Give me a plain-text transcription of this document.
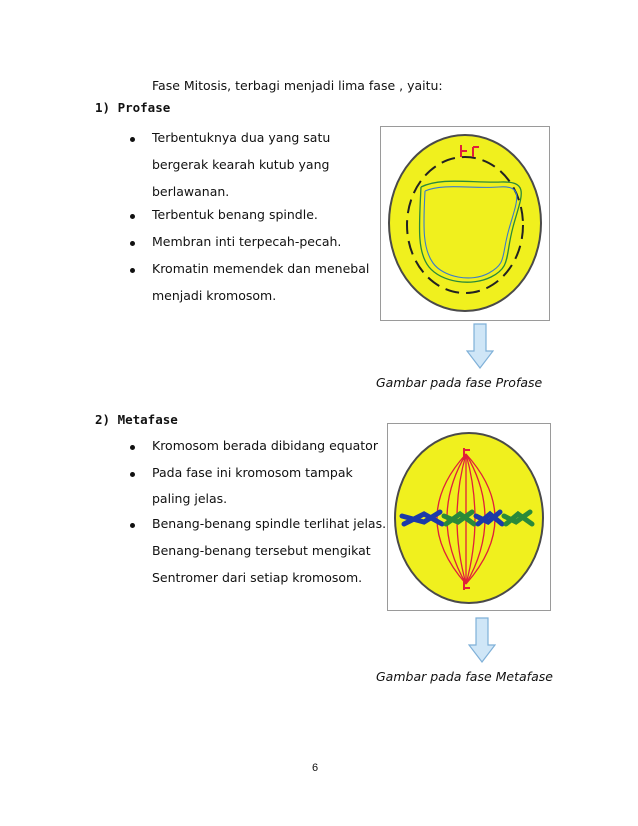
Fase Mitosis, terbagi menjadi lima fase , yaitu:
1) Profase
Terbentuknya dua yang satu
bergerak kearah kutub yang
berlawanan.
Terbentuk benang spindle.
Membran inti terpecah-pecah.
Kromatin memendek dan menebal
menjadi kromosom.
Gambar pada fase Profase
2) Metafase
Kromosom berada dibidang equator
Pada fase ini kromosom tampak
paling jelas.
Benang-benang spindle terlihat jelas.
Benang-benang tersebut mengikat
Sentromer dari setiap kromosom.
Gambar pada fase Metafase
6
